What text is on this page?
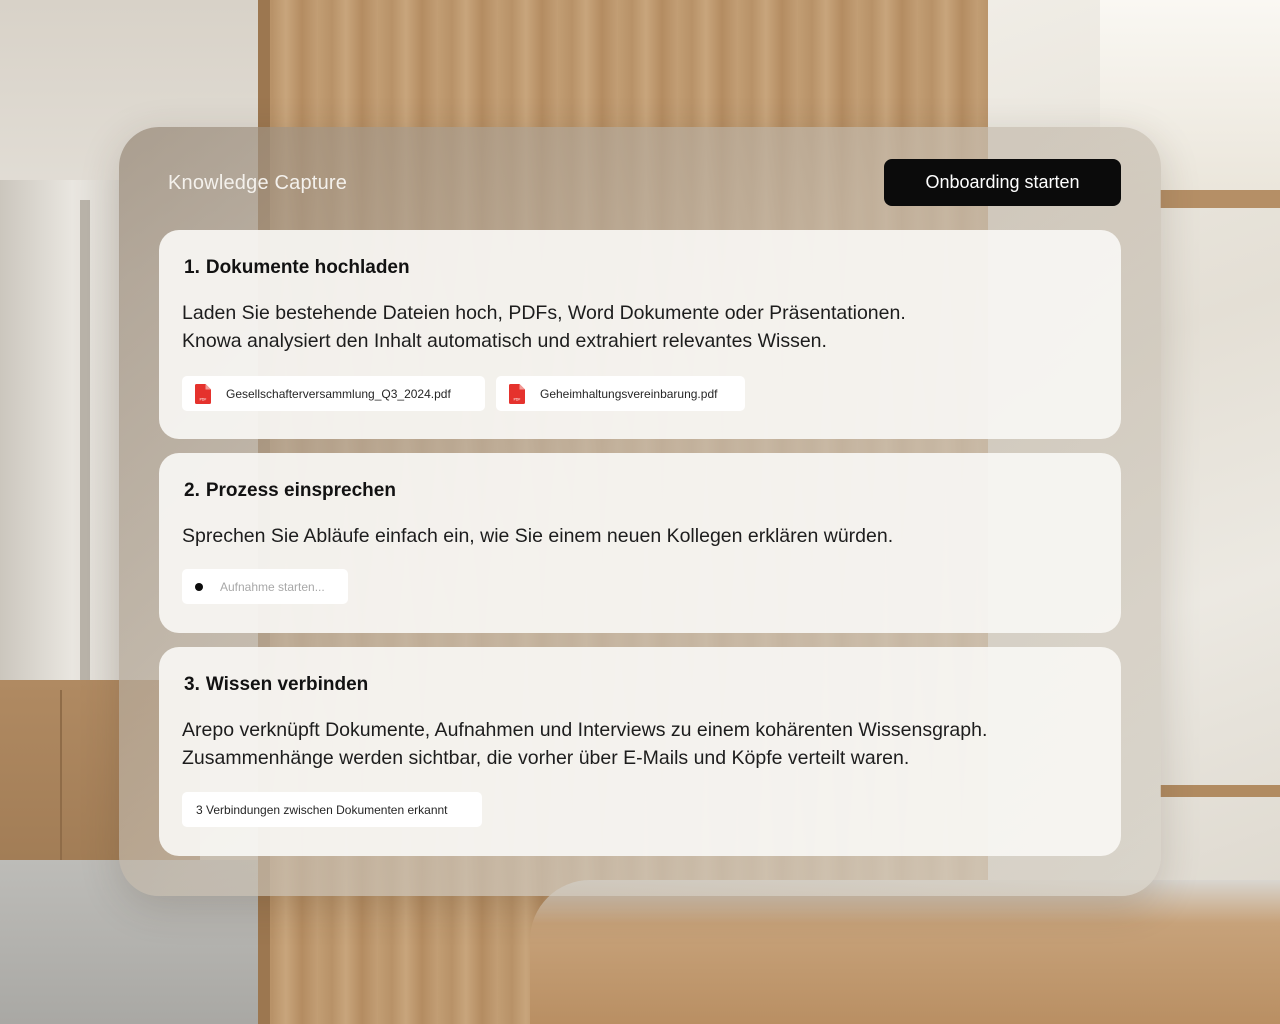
Knowledge Capture	Onboarding starten
1. Dokumente hochladen

Laden Sie bestehende Dateien hoch, PDFs, Word Dokumente oder Präsentationen.
Knowa analysiert den Inhalt automatisch und extrahiert relevantes Wissen.

PDF Gesellschafterversammlung_Q3_2024.pdf	PDF Geheimhaltungsvereinbarung.pdf
2. Prozess einsprechen

Sprechen Sie Abläufe einfach ein, wie Sie einem neuen Kollegen erklären würden.

Aufnahme starten...
3. Wissen verbinden

Arepo verknüpft Dokumente, Aufnahmen und Interviews zu einem kohärenten Wissensgraph.
Zusammenhänge werden sichtbar, die vorher über E-Mails und Köpfe verteilt waren.

3 Verbindungen zwischen Dokumenten erkannt
